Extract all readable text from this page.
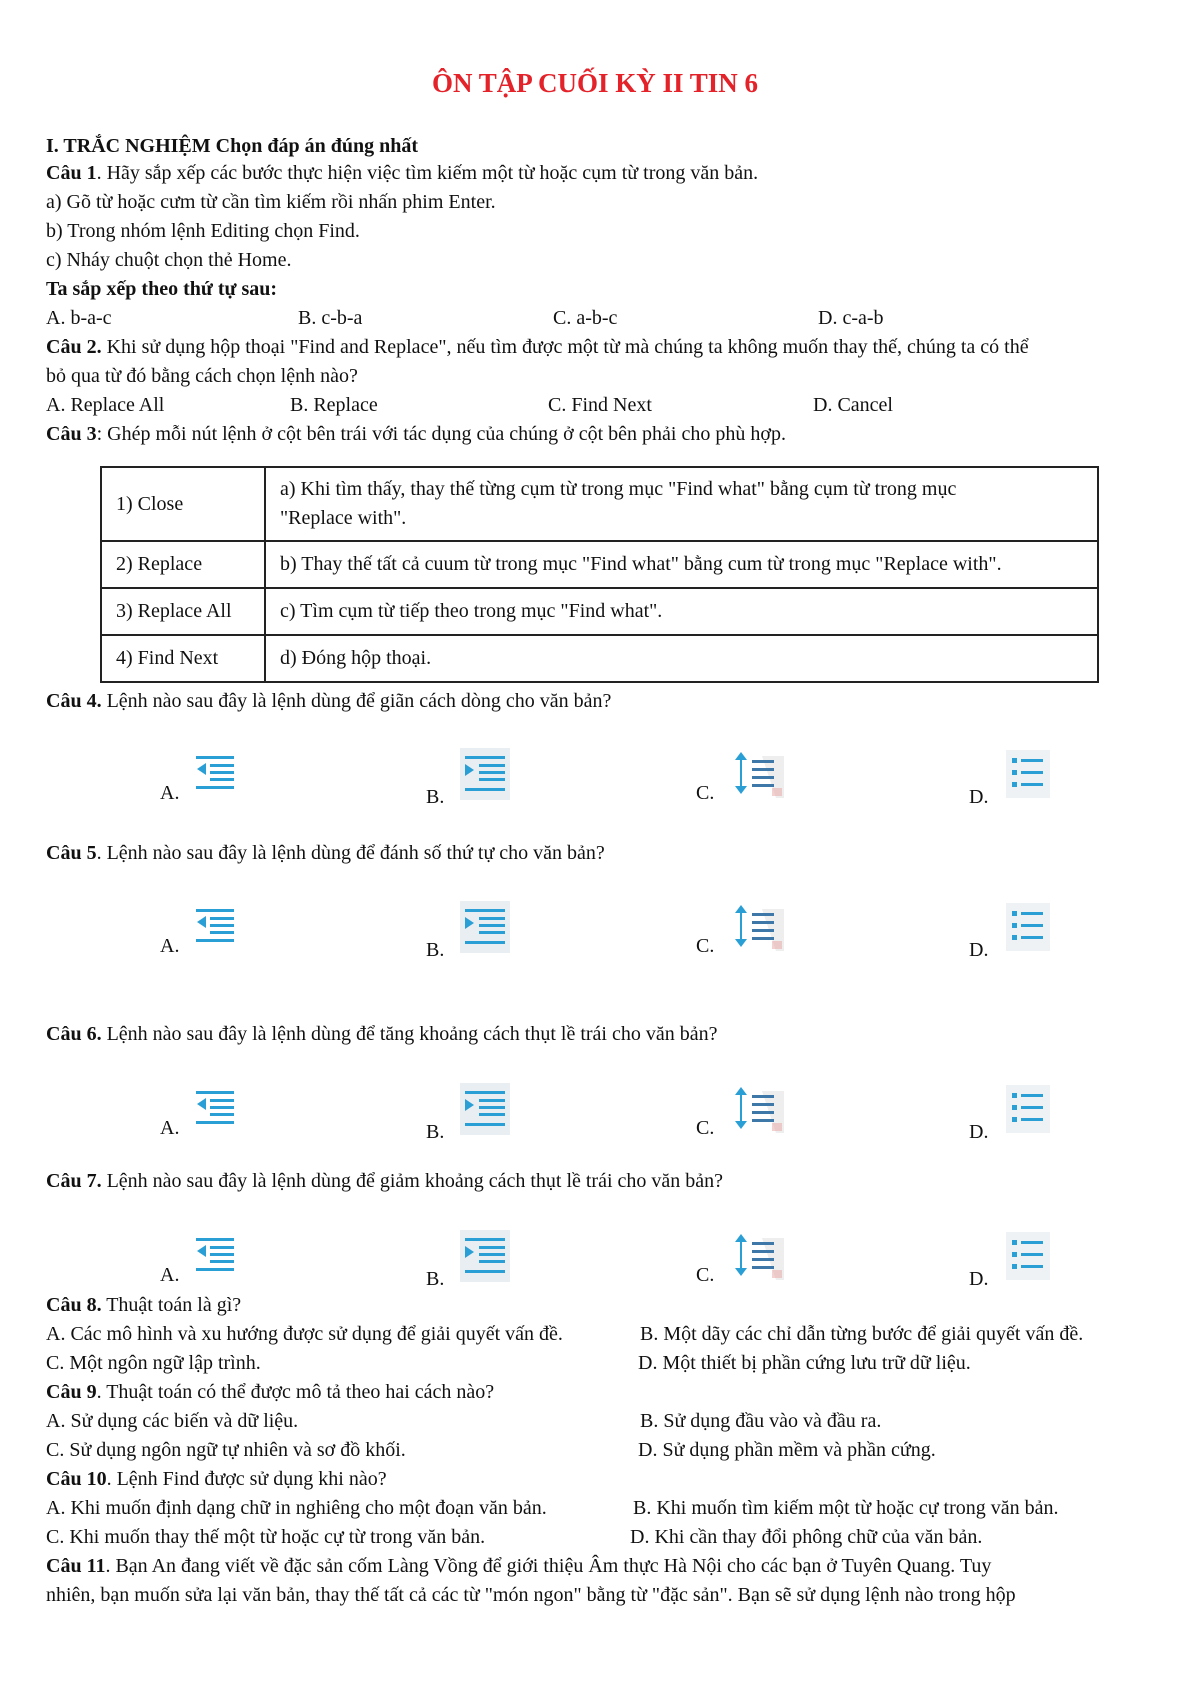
ÔN TẬP CUỐI KỲ II TIN 6
I. TRẮC NGHIỆM Chọn đáp án đúng nhất
Câu 1. Hãy sắp xếp các bước thực hiện việc tìm kiếm một từ hoặc cụm từ trong văn bản.
a) Gõ từ hoặc cưm từ cần tìm kiếm rồi nhấn phim Enter.
b) Trong nhóm lệnh Editing chọn Find.
c) Nháy chuột chọn thẻ Home.
Ta sắp xếp theo thứ tự sau:
A. b-a-c	B. c-b-a	C. a-b-c	D. c-a-b
Câu 2. Khi sử dụng hộp thoại "Find and Replace", nếu tìm được một từ mà chúng ta không muốn thay thế, chúng ta có thể
bỏ qua từ đó bằng cách chọn lệnh nào?
A. Replace All	B. Replace	C. Find Next	D. Cancel
Câu 3: Ghép mỗi nút lệnh ở cột bên trái với tác dụng của chúng ở cột bên phải cho phù hợp.
1) Close	a) Khi tìm thấy, thay thế từng cụm từ trong mục "Find what" bằng cụm từ trong mục
"Replace with".
2) Replace	b) Thay thế tất cả cuum từ trong mục "Find what" bằng cum từ trong mục "Replace with".
3) Replace All	c) Tìm cụm từ tiếp theo trong mục "Find what".
4) Find Next	d) Đóng hộp thoại.
Câu 4. Lệnh nào sau đây là lệnh dùng để giãn cách dòng cho văn bản?
Câu 5. Lệnh nào sau đây là lệnh dùng để đánh số thứ tự cho văn bản?
Câu 6. Lệnh nào sau đây là lệnh dùng để tăng khoảng cách thụt lề trái cho văn bản?
Câu 7. Lệnh nào sau đây là lệnh dùng để giảm khoảng cách thụt lề trái cho văn bản?
Câu 8. Thuật toán là gì?
A. Các mô hình và xu hướng được sử dụng để giải quyết vấn đề.	B. Một dãy các chỉ dẫn từng bước để giải quyết vấn đề.
C. Một ngôn ngữ lập trình.	D. Một thiết bị phần cứng lưu trữ dữ liệu.
Câu 9. Thuật toán có thể được mô tả theo hai cách nào?
A. Sử dụng các biến và dữ liệu.	B. Sử dụng đầu vào và đầu ra.
C. Sử dụng ngôn ngữ tự nhiên và sơ đồ khối.	D. Sử dụng phần mềm và phần cứng.
Câu 10. Lệnh Find được sử dụng khi nào?
A. Khi muốn định dạng chữ in nghiêng cho một đoạn văn bản.	B. Khi muốn tìm kiếm một từ hoặc cự trong văn bản.
C. Khi muốn thay thế một từ hoặc cự từ trong văn bản.	D. Khi cần thay đổi phông chữ của văn bản.
Câu 11. Bạn An đang viết về đặc sản cốm Làng Vồng để giới thiệu Âm thực Hà Nội cho các bạn ở Tuyên Quang. Tuy
nhiên, bạn muốn sửa lại văn bản, thay thế tất cả các từ "món ngon" bằng từ "đặc sản". Bạn sẽ sử dụng lệnh nào trong hộp
A.	B.	C.	D.
A.	B.	C.	D.
A.	B.	C.	D.
A.	B.	C.	D.
